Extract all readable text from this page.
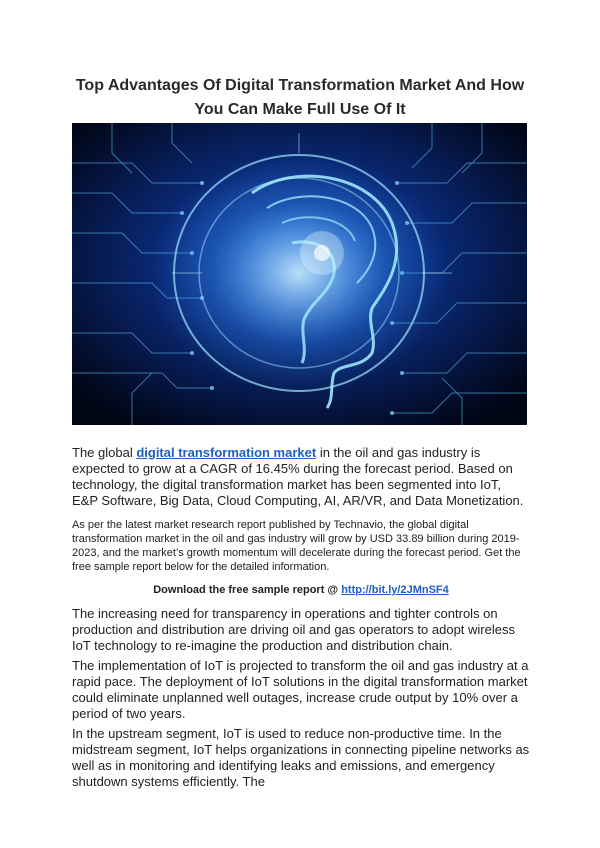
Top Advantages Of Digital Transformation Market And How You Can Make Full Use Of It

The global digital transformation market in the oil and gas industry is expected to grow at a CAGR of 16.45% during the forecast period. Based on technology, the digital transformation market has been segmented into IoT, E&P Software, Big Data, Cloud Computing, AI, AR/VR, and Data Monetization.

As per the latest market research report published by Technavio, the global digital transformation market in the oil and gas industry will grow by USD 33.89 billion during 2019-2023, and the market’s growth momentum will decelerate during the forecast period. Get the free sample report below for the detailed information.

Download the free sample report @ http://bit.ly/2JMnSF4

The increasing need for transparency in operations and tighter controls on production and distribution are driving oil and gas operators to adopt wireless IoT technology to re-imagine the production and distribution chain.

The implementation of IoT is projected to transform the oil and gas industry at a rapid pace. The deployment of IoT solutions in the digital transformation market could eliminate unplanned well outages, increase crude output by 10% over a period of two years.

In the upstream segment, IoT is used to reduce non-productive time. In the midstream segment, IoT helps organizations in connecting pipeline networks as well as in monitoring and identifying leaks and emissions, and emergency shutdown systems efficiently. The
